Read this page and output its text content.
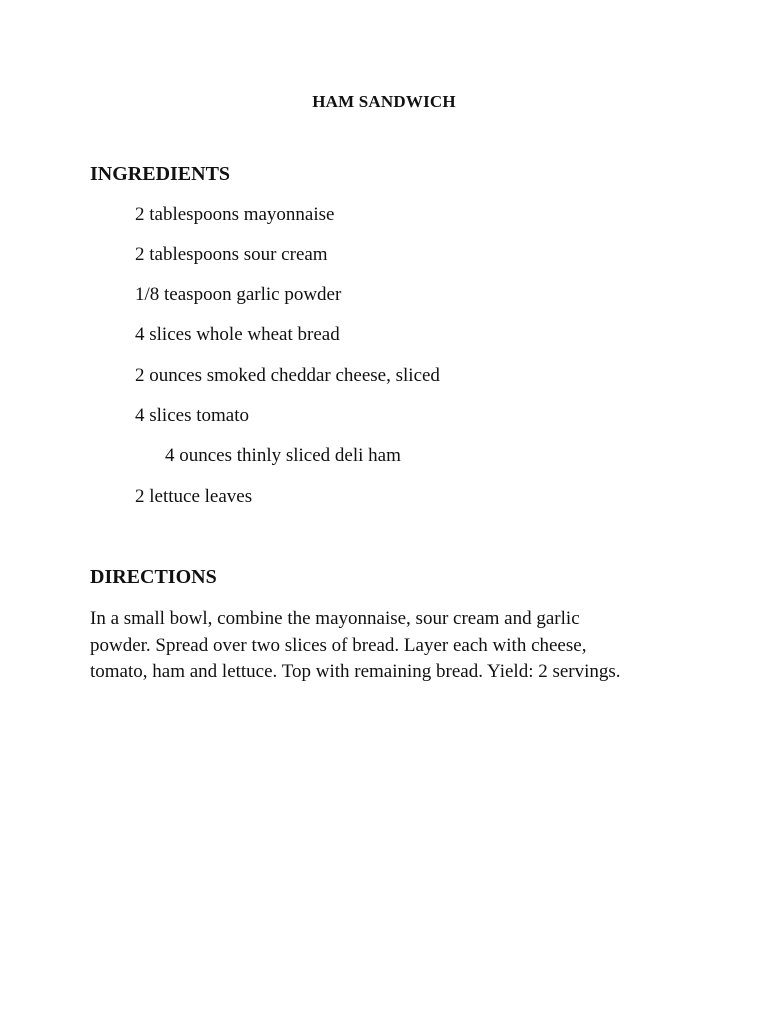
HAM SANDWICH
INGREDIENTS
2 tablespoons mayonnaise
2 tablespoons sour cream
1/8 teaspoon garlic powder
4 slices whole wheat bread
2 ounces smoked cheddar cheese, sliced
4 slices tomato
4 ounces thinly sliced deli ham
2 lettuce leaves
DIRECTIONS

In a small bowl, combine the mayonnaise, sour cream and garlic
powder. Spread over two slices of bread. Layer each with cheese,
tomato, ham and lettuce. Top with remaining bread. Yield: 2 servings.
